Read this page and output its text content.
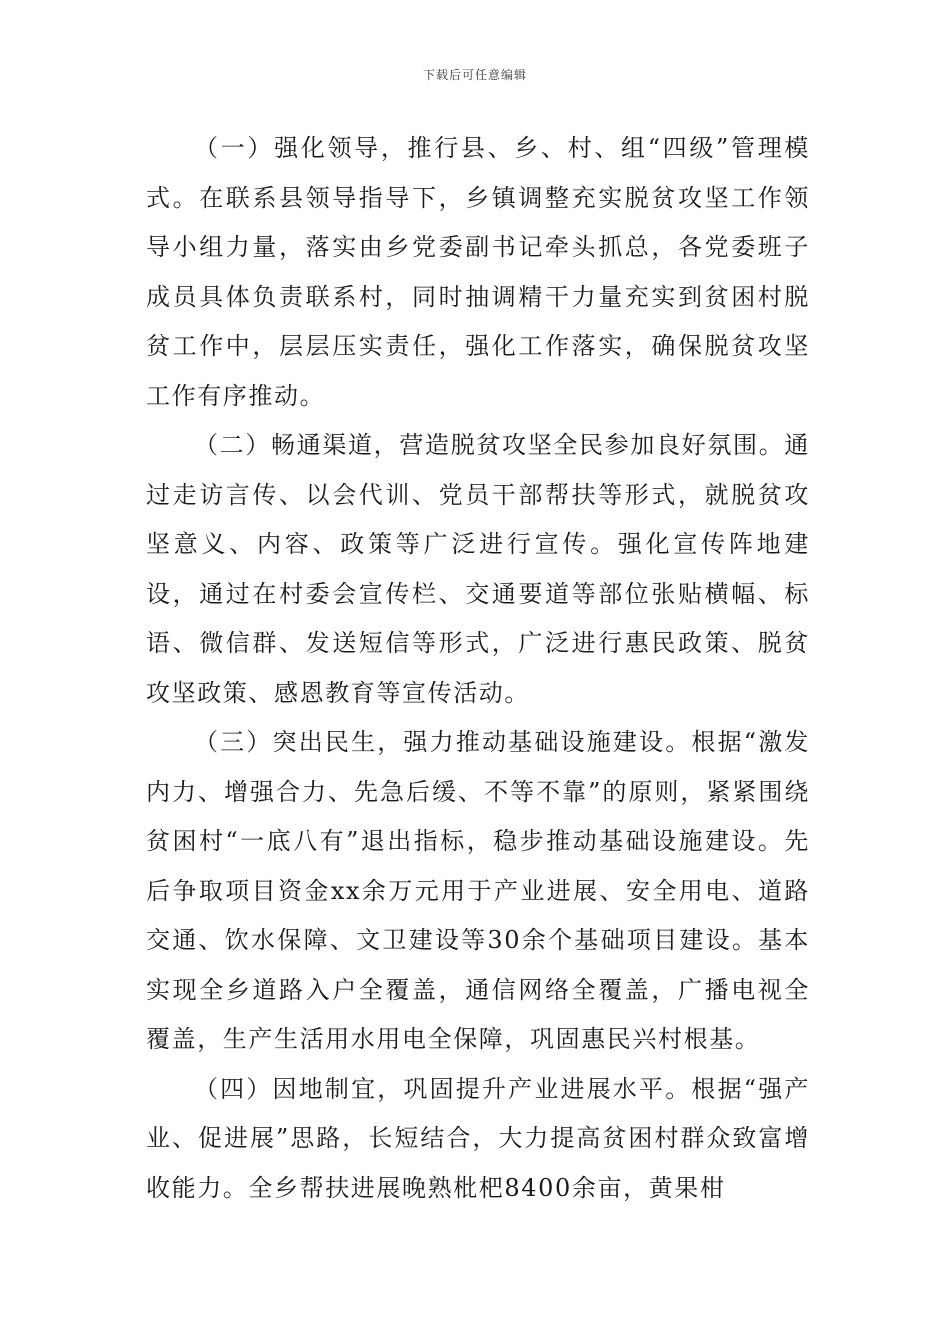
下载后可任意编辑

（一）强化领导，推行县、乡、村、组“四级”管理模式。在联系县领导指导下，乡镇调整充实脱贫攻坚工作领导小组力量，落实由乡党委副书记牵头抓总，各党委班子成员具体负责联系村，同时抽调精干力量充实到贫困村脱贫工作中，层层压实责任，强化工作落实，确保脱贫攻坚工作有序推动。

（二）畅通渠道，营造脱贫攻坚全民参加良好氛围。通过走访言传、以会代训、党员干部帮扶等形式，就脱贫攻坚意义、内容、政策等广泛进行宣传。强化宣传阵地建设，通过在村委会宣传栏、交通要道等部位张贴横幅、标语、微信群、发送短信等形式，广泛进行惠民政策、脱贫攻坚政策、感恩教育等宣传活动。

（三）突出民生，强力推动基础设施建设。根据“激发内力、增强合力、先急后缓、不等不靠”的原则，紧紧围绕贫困村“一底八有”退出指标，稳步推动基础设施建设。先后争取项目资金xx余万元用于产业进展、安全用电、道路交通、饮水保障、文卫建设等30余个基础项目建设。基本实现全乡道路入户全覆盖，通信网络全覆盖，广播电视全覆盖，生产生活用水用电全保障，巩固惠民兴村根基。

（四）因地制宜，巩固提升产业进展水平。根据“强产业、促进展”思路，长短结合，大力提高贫困村群众致富增收能力。全乡帮扶进展晚熟枇杷8400余亩，黄果柑
